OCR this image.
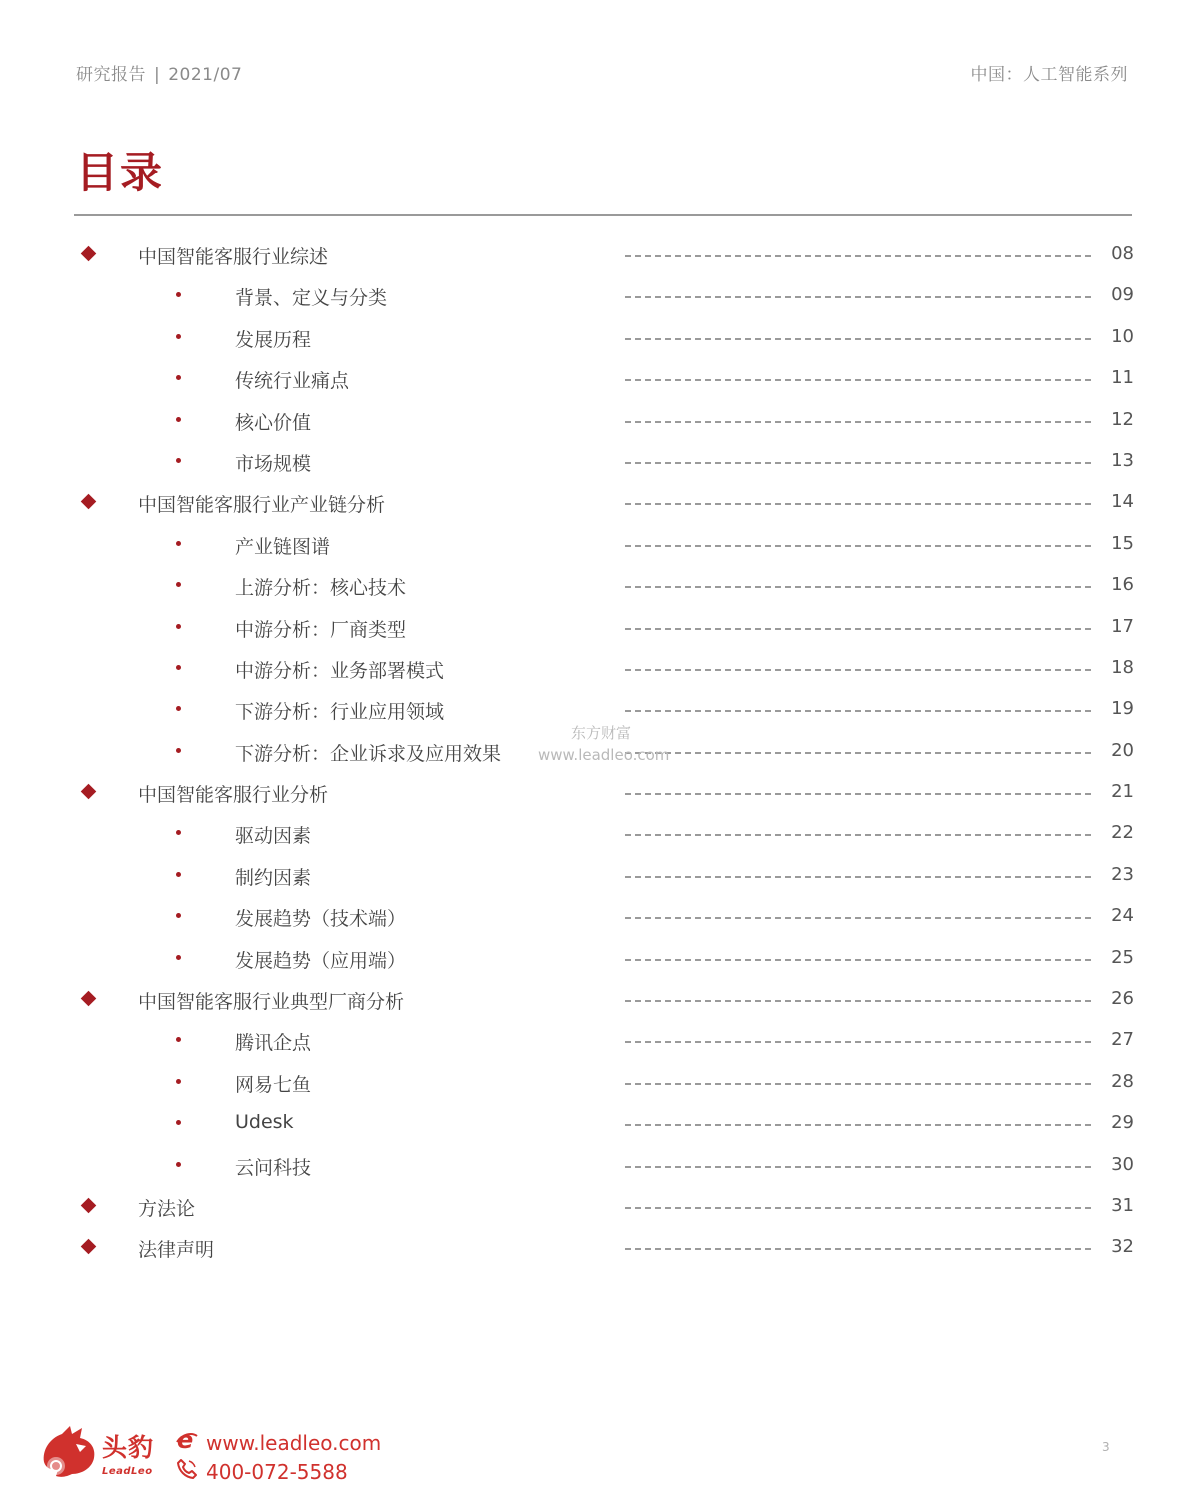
研究报告 | 2021/07	中国：人工智能系列
目录
中国智能客服行业综述	08
背景、定义与分类	09
发展历程	10
传统行业痛点	11
核心价值	12
市场规模	13
中国智能客服行业产业链分析	14
产业链图谱	15
上游分析：核心技术	16
中游分析：厂商类型	17
中游分析：业务部署模式	18
下游分析：行业应用领域	19
下游分析：企业诉求及应用效果	20
中国智能客服行业分析	21
驱动因素	22
制约因素	23
发展趋势（技术端）	24
发展趋势（应用端）	25
中国智能客服行业典型厂商分析	26
腾讯企点	27
网易七鱼	28
Udesk	29
云问科技	30
方法论	31
法律声明	32
东方财富
www.leadleo.com
头豹
LeadLeo
e www.leadleo.com
400-072-5588
3
